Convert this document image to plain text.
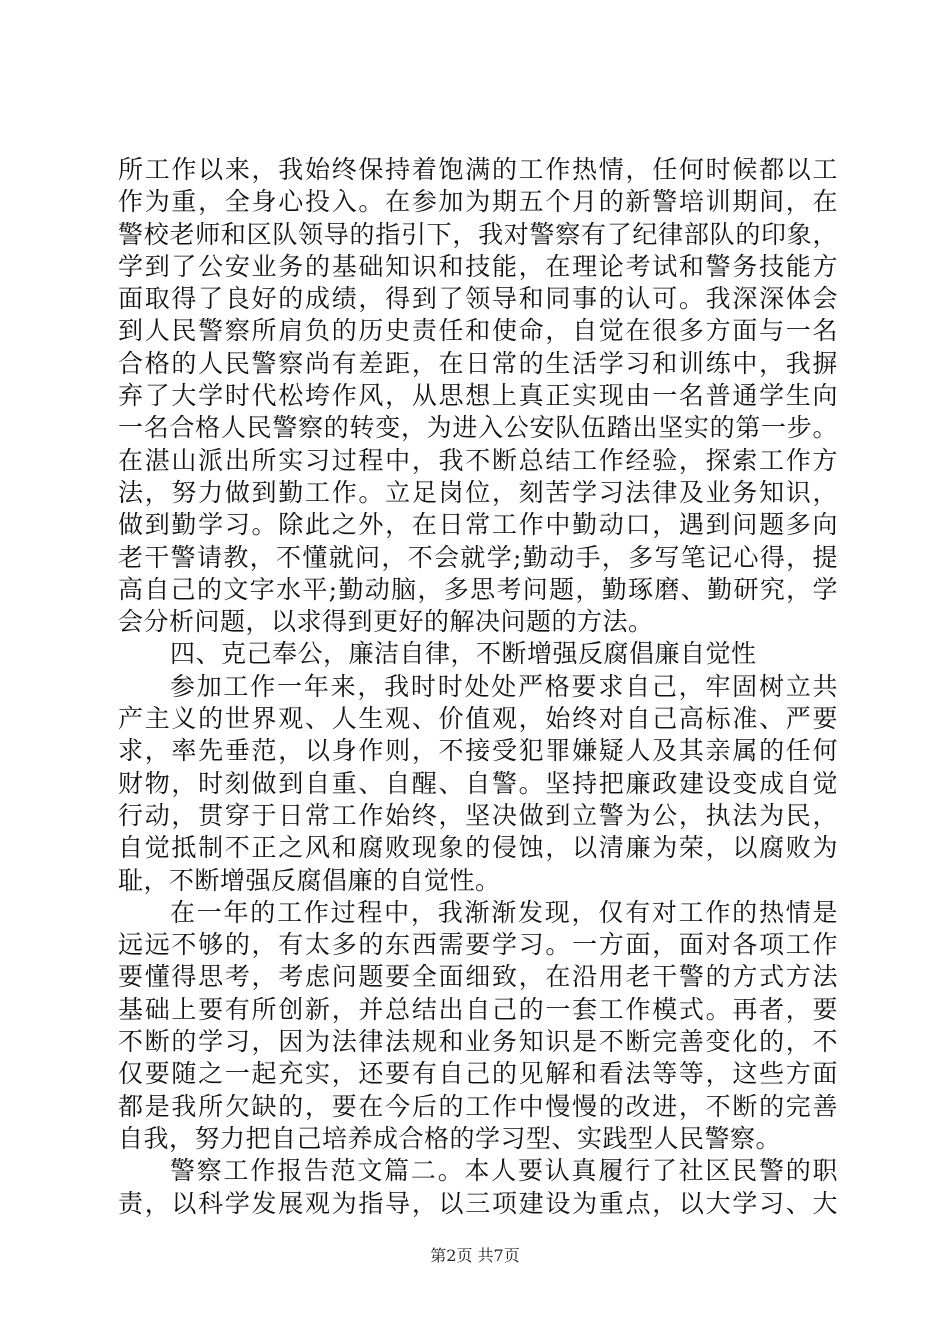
所工作以来，我始终保持着饱满的工作热情，任何时候都以工
作为重，全身心投入。在参加为期五个月的新警培训期间，在
警校老师和区队领导的指引下，我对警察有了纪律部队的印象，
学到了公安业务的基础知识和技能，在理论考试和警务技能方
面取得了良好的成绩，得到了领导和同事的认可。我深深体会
到人民警察所肩负的历史责任和使命，自觉在很多方面与一名
合格的人民警察尚有差距，在日常的生活学习和训练中，我摒
弃了大学时代松垮作风，从思想上真正实现由一名普通学生向
一名合格人民警察的转变，为进入公安队伍踏出坚实的第一步。
在湛山派出所实习过程中，我不断总结工作经验，探索工作方
法，努力做到勤工作。立足岗位，刻苦学习法律及业务知识，
做到勤学习。除此之外，在日常工作中勤动口，遇到问题多向
老干警请教，不懂就问，不会就学;勤动手，多写笔记心得，提
高自己的文字水平;勤动脑，多思考问题，勤琢磨、勤研究，学
会分析问题，以求得到更好的解决问题的方法。
四、克己奉公，廉洁自律，不断增强反腐倡廉自觉性
参加工作一年来，我时时处处严格要求自己，牢固树立共
产主义的世界观、人生观、价值观，始终对自己高标准、严要
求，率先垂范，以身作则，不接受犯罪嫌疑人及其亲属的任何
财物，时刻做到自重、自醒、自警。坚持把廉政建设变成自觉
行动，贯穿于日常工作始终，坚决做到立警为公，执法为民，
自觉抵制不正之风和腐败现象的侵蚀，以清廉为荣，以腐败为
耻，不断增强反腐倡廉的自觉性。
在一年的工作过程中，我渐渐发现，仅有对工作的热情是
远远不够的，有太多的东西需要学习。一方面，面对各项工作
要懂得思考，考虑问题要全面细致，在沿用老干警的方式方法
基础上要有所创新，并总结出自己的一套工作模式。再者，要
不断的学习，因为法律法规和业务知识是不断完善变化的，不
仅要随之一起充实，还要有自己的见解和看法等等，这些方面
都是我所欠缺的，要在今后的工作中慢慢的改进，不断的完善
自我，努力把自己培养成合格的学习型、实践型人民警察。
警察工作报告范文篇二。本人要认真履行了社区民警的职
责，以科学发展观为指导，以三项建设为重点，以大学习、大
第2页 共7页
